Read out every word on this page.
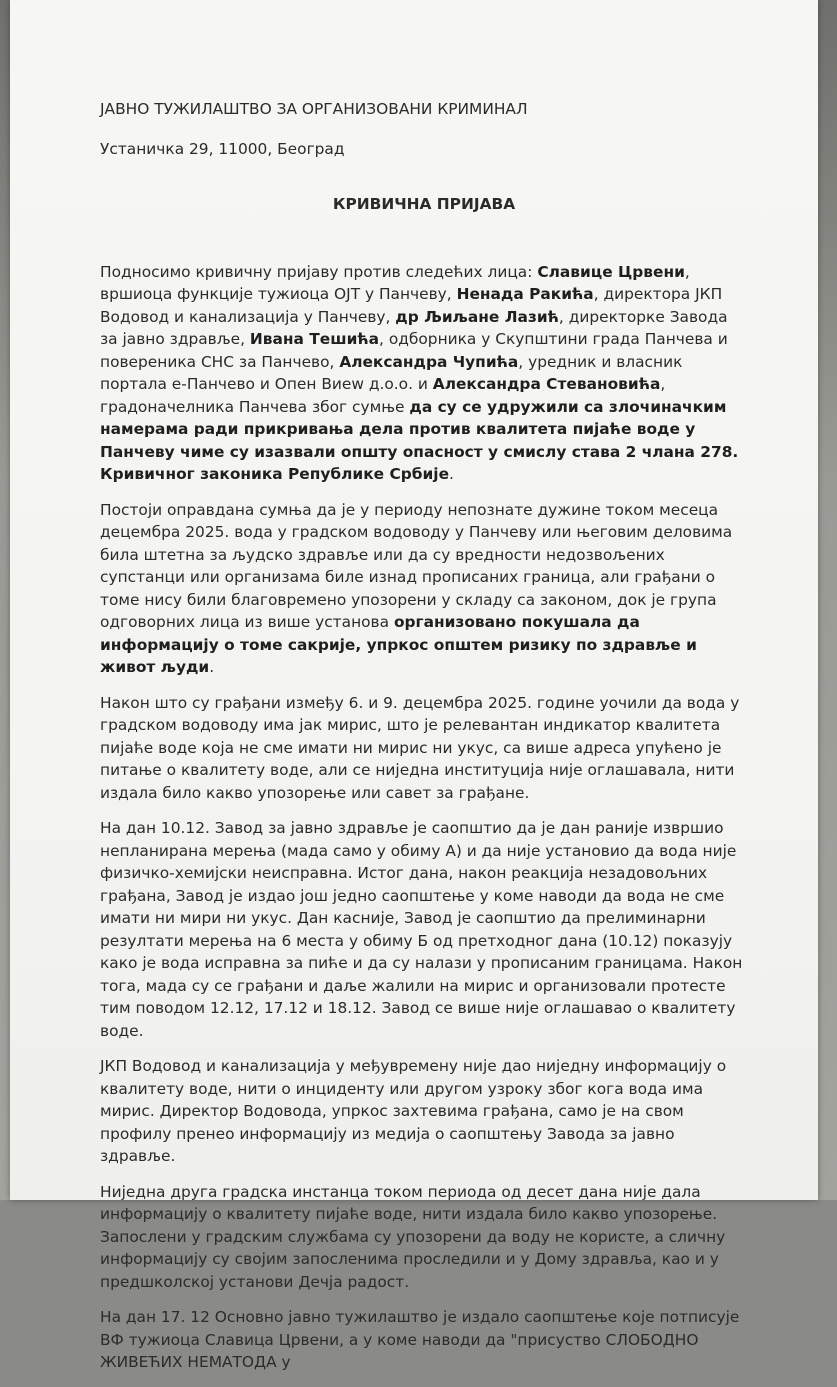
ЈАВНО ТУЖИЛАШТВО ЗА ОРГАНИЗОВАНИ КРИМИНАЛ

Устаничка 29, 11000, Београд

КРИВИЧНА ПРИЈАВА

Подносимо кривичну пријаву против следећих лица: Славице Црвени, вршиоца функције тужиоца ОЈТ у Панчеву, Ненада Ракића, директора ЈКП Водовод и канализација у Панчеву, др Љиљане Лазић, директорке Завода за јавно здравље, Ивана Тешића, одборника у Скупштини града Панчева и повереника СНС за Панчево, Александра Чупића, уредник и власник портала е-Панчево и Опен Виеw д.о.о. и Александра Стевановића, градоначелника Панчева због сумње да су се удружили са злочиначким намерама ради прикривања дела против квалитета пијаће воде у Панчеву чиме су изазвали општу опасност у смислу става 2 члана 278. Кривичног законика Републике Србије.

Постоји оправдана сумња да је у периоду непознате дужине током месеца децембра 2025. вода у градском водоводу у Панчеву или његовим деловима била штетна за људско здравље или да су вредности недозвољених супстанци или организама биле изнад прописаних граница, али грађани о томе нису били благовремено упозорени у складу са законом, док је група одговорних лица из више установа организовано покушала да информацију о томе сакрије, упркос општем ризику по здравље и живот људи.

Након што су грађани између 6. и 9. децембра 2025. године уочили да вода у градском водоводу има јак мирис, што је релевантан индикатор квалитета пијаће воде која не сме имати ни мирис ни укус, са више адреса упућено је питање о квалитету воде, али се ниједна институција није оглашавала, нити издала било какво упозорење или савет за грађане.

На дан 10.12. Завод за јавно здравље је саопштио да је дан раније извршио непланирана мерења (мада само у обиму А) и да није установио да вода није физичко-хемијски неисправна. Истог дана, након реакција незадовољних грађана, Завод је издао још једно саопштење у коме наводи да вода не сме имати ни мири ни укус. Дан касније, Завод је саопштио да прелиминарни резултати мерења на 6 места у обиму Б од претходног дана (10.12) показују како је вода исправна за пиће и да су налази у прописаним границама. Након тога, мада су се грађани и даље жалили на мирис и организовали протесте тим поводом 12.12, 17.12 и 18.12. Завод се више није оглашавао о квалитету воде.

ЈКП Водовод и канализација у међувремену није дао ниједну информацију о квалитету воде, нити о инциденту или другом узроку због кога вода има мирис. Директор Водовода, упркос захтевима грађана, само је на свом профилу пренео информацију из медија о саопштењу Завода за јавно здравље.

Ниједна друга градска инстанца током периода од десет дана није дала информацију о квалитету пијаће воде, нити издала било какво упозорење. Запослени у градским службама су упозорени да воду не користе, а сличну информацију су својим запосленима проследили и у Дому здравља, као и у предшколској установи Дечја радост.

На дан 17. 12 Основно јавно тужилаштво је издало саопштење које потписује ВФ тужиоца Славица Црвени, а у коме наводи да "присуство СЛОБОДНО ЖИВЕЋИХ НЕМАТОДА у
